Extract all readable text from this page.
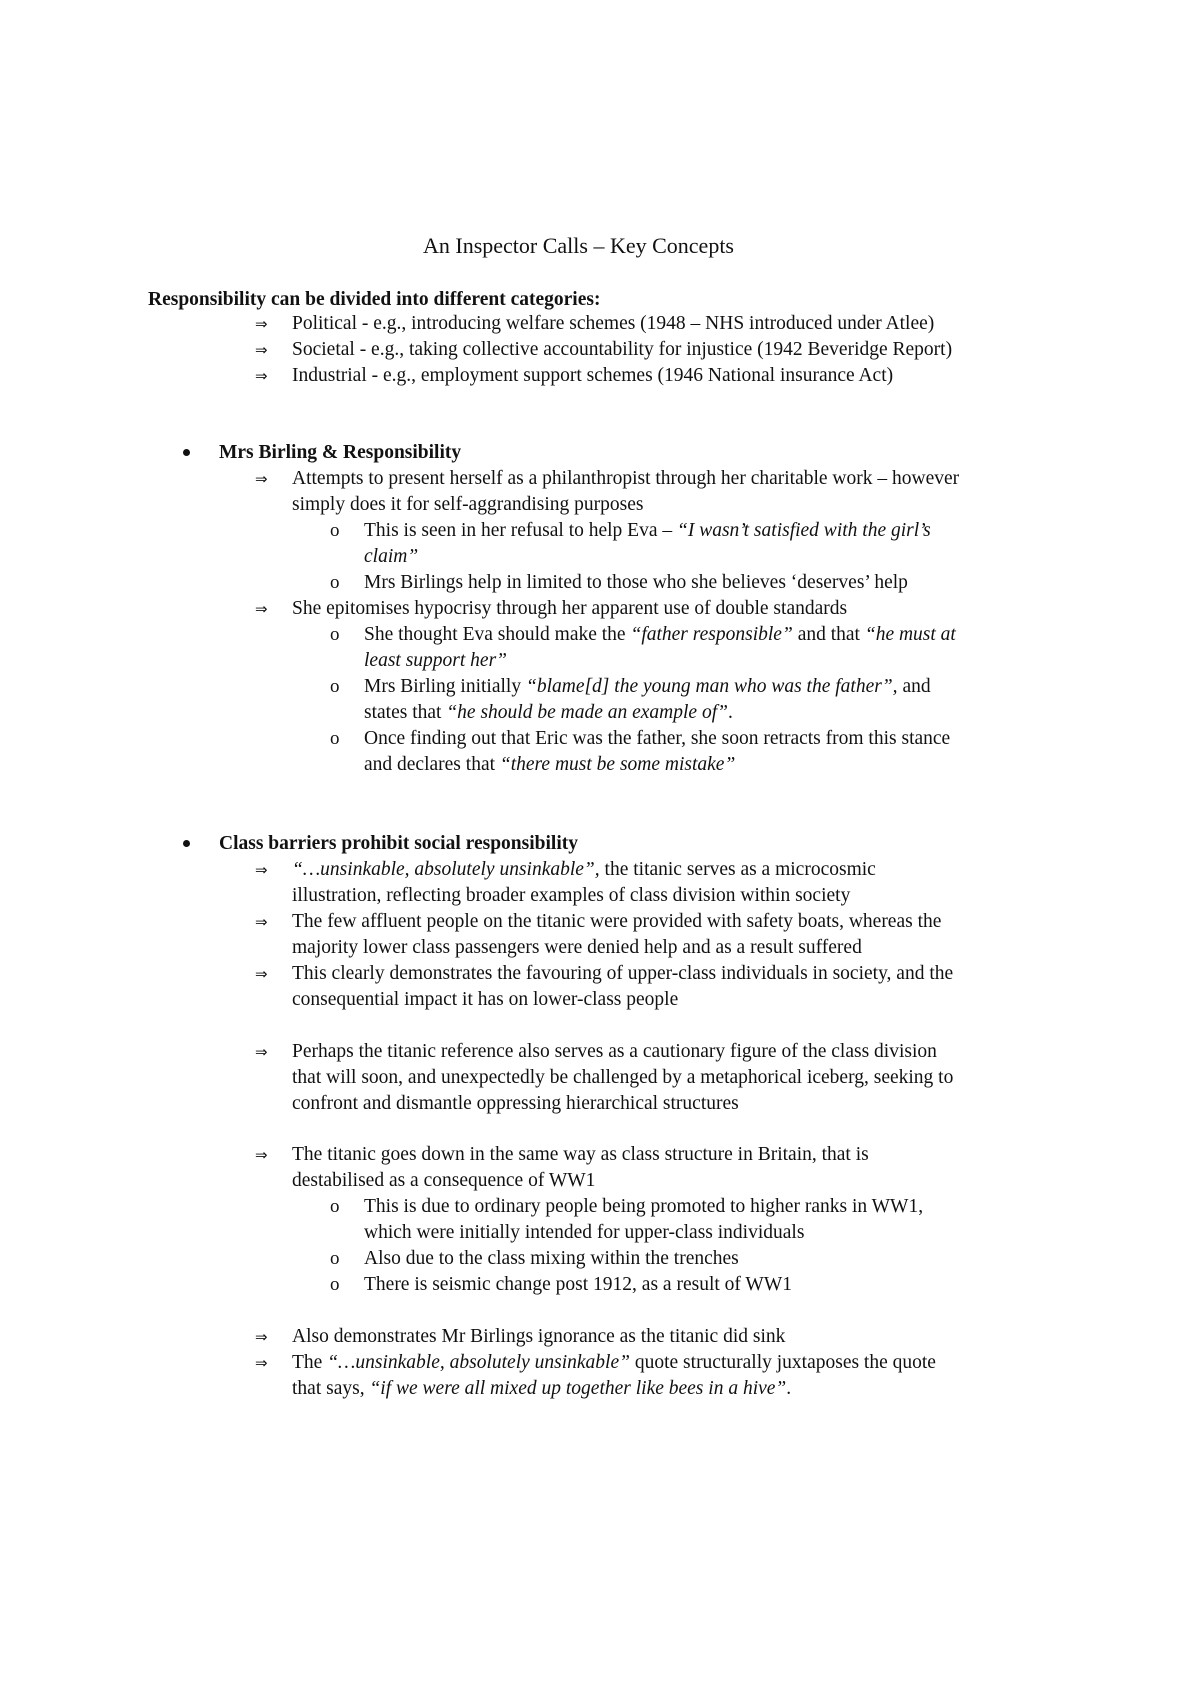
An Inspector Calls – Key Concepts
Responsibility can be divided into different categories:
⇒ Political - e.g., introducing welfare schemes (1948 – NHS introduced under Atlee)
⇒ Societal - e.g., taking collective accountability for injustice (1942 Beveridge Report)
⇒ Industrial - e.g., employment support schemes (1946 National insurance Act)
Mrs Birling & Responsibility
⇒ Attempts to present herself as a philanthropist through her charitable work – however
simply does it for self-aggrandising purposes
o This is seen in her refusal to help Eva – “I wasn’t satisfied with the girl’s
claim”
o Mrs Birlings help in limited to those who she believes ‘deserves’ help
⇒ She epitomises hypocrisy through her apparent use of double standards
o She thought Eva should make the “father responsible” and that “he must at
least support her”
o Mrs Birling initially “blame[d] the young man who was the father”, and
states that “he should be made an example of”.
o Once finding out that Eric was the father, she soon retracts from this stance
and declares that “there must be some mistake”
Class barriers prohibit social responsibility
⇒ “…unsinkable, absolutely unsinkable”, the titanic serves as a microcosmic
illustration, reflecting broader examples of class division within society
⇒ The few affluent people on the titanic were provided with safety boats, whereas the
majority lower class passengers were denied help and as a result suffered
⇒ This clearly demonstrates the favouring of upper-class individuals in society, and the
consequential impact it has on lower-class people
⇒ Perhaps the titanic reference also serves as a cautionary figure of the class division
that will soon, and unexpectedly be challenged by a metaphorical iceberg, seeking to
confront and dismantle oppressing hierarchical structures
⇒ The titanic goes down in the same way as class structure in Britain, that is
destabilised as a consequence of WW1
o This is due to ordinary people being promoted to higher ranks in WW1,
which were initially intended for upper-class individuals
o Also due to the class mixing within the trenches
o There is seismic change post 1912, as a result of WW1
⇒ Also demonstrates Mr Birlings ignorance as the titanic did sink
⇒ The “…unsinkable, absolutely unsinkable” quote structurally juxtaposes the quote
that says, “if we were all mixed up together like bees in a hive”.
